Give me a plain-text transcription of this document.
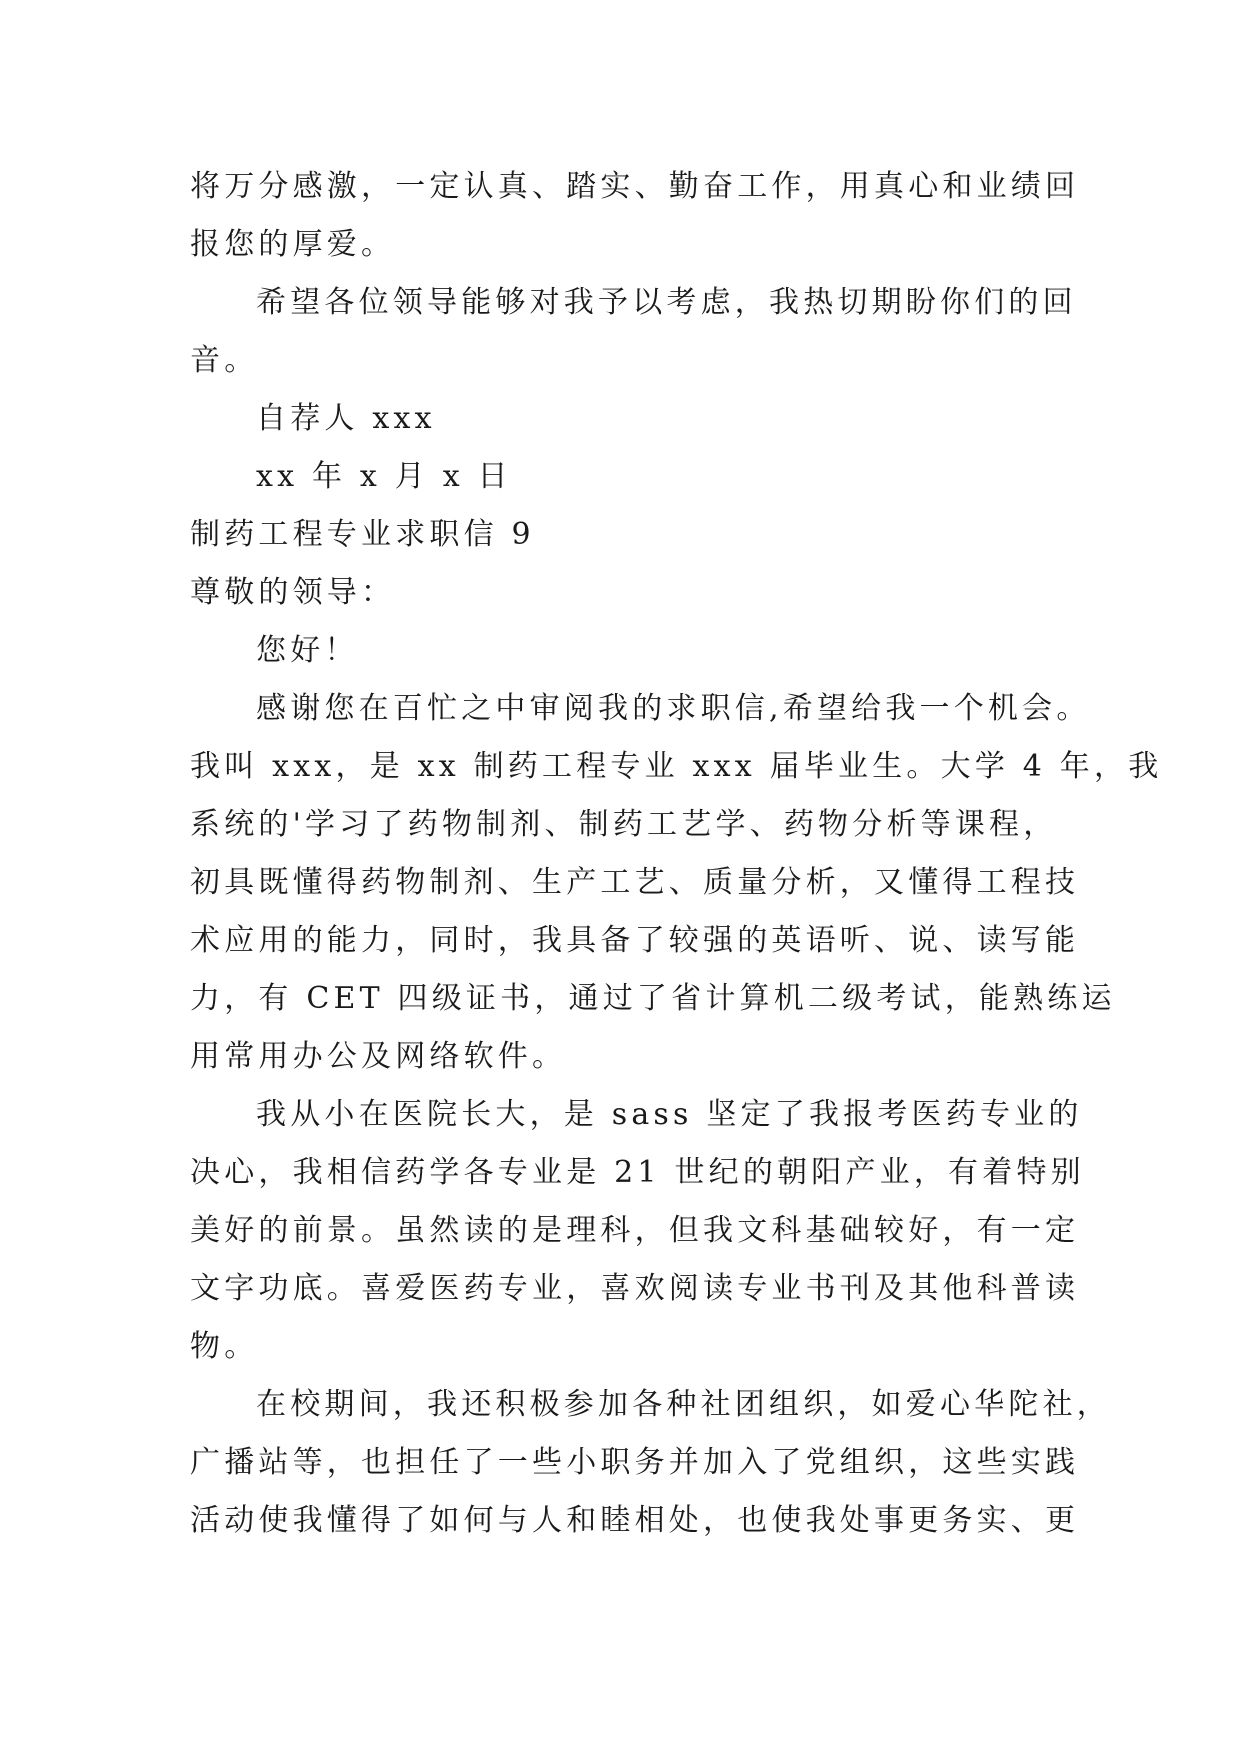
将万分感激，一定认真、踏实、勤奋工作，用真心和业绩回
报您的厚爱。
希望各位领导能够对我予以考虑，我热切期盼你们的回
音。
自荐人 xxx
xx 年 x 月 x 日
制药工程专业求职信 9
尊敬的领导：
您好！
感谢您在百忙之中审阅我的求职信,希望给我一个机会。
我叫 xxx，是 xx 制药工程专业 xxx 届毕业生。大学 4 年，我
系统的'学习了药物制剂、制药工艺学、药物分析等课程，
初具既懂得药物制剂、生产工艺、质量分析，又懂得工程技
术应用的能力，同时，我具备了较强的英语听、说、读写能
力，有 CET 四级证书，通过了省计算机二级考试，能熟练运
用常用办公及网络软件。
我从小在医院长大，是 sass 坚定了我报考医药专业的
决心，我相信药学各专业是 21 世纪的朝阳产业，有着特别
美好的前景。虽然读的是理科，但我文科基础较好，有一定
文字功底。喜爱医药专业，喜欢阅读专业书刊及其他科普读
物。
在校期间，我还积极参加各种社团组织，如爱心华陀社，
广播站等，也担任了一些小职务并加入了党组织，这些实践
活动使我懂得了如何与人和睦相处，也使我处事更务实、更
